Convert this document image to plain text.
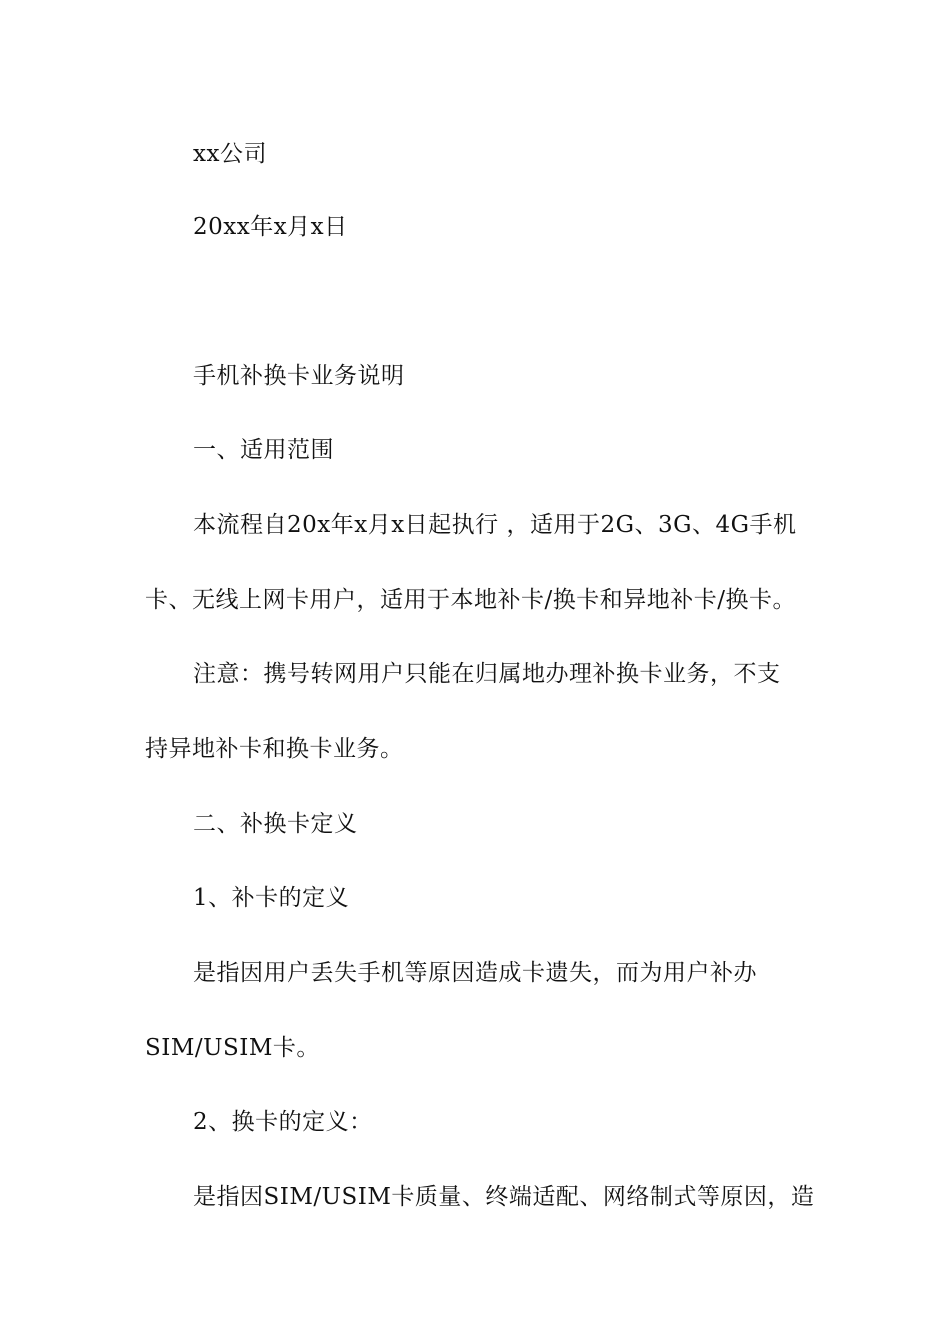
xx公司
20xx年x月x日
手机补换卡业务说明
一、适用范围
本流程自20x年x月x日起执行 ，适用于2G、3G、4G手机
卡、无线上网卡用户，适用于本地补卡/换卡和异地补卡/换卡。
注意：携号转网用户只能在归属地办理补换卡业务，不支
持异地补卡和换卡业务。
二、补换卡定义
1、补卡的定义
是指因用户丢失手机等原因造成卡遗失，而为用户补办
SIM/USIM卡。
2、换卡的定义：
是指因SIM/USIM卡质量、终端适配、网络制式等原因，造
